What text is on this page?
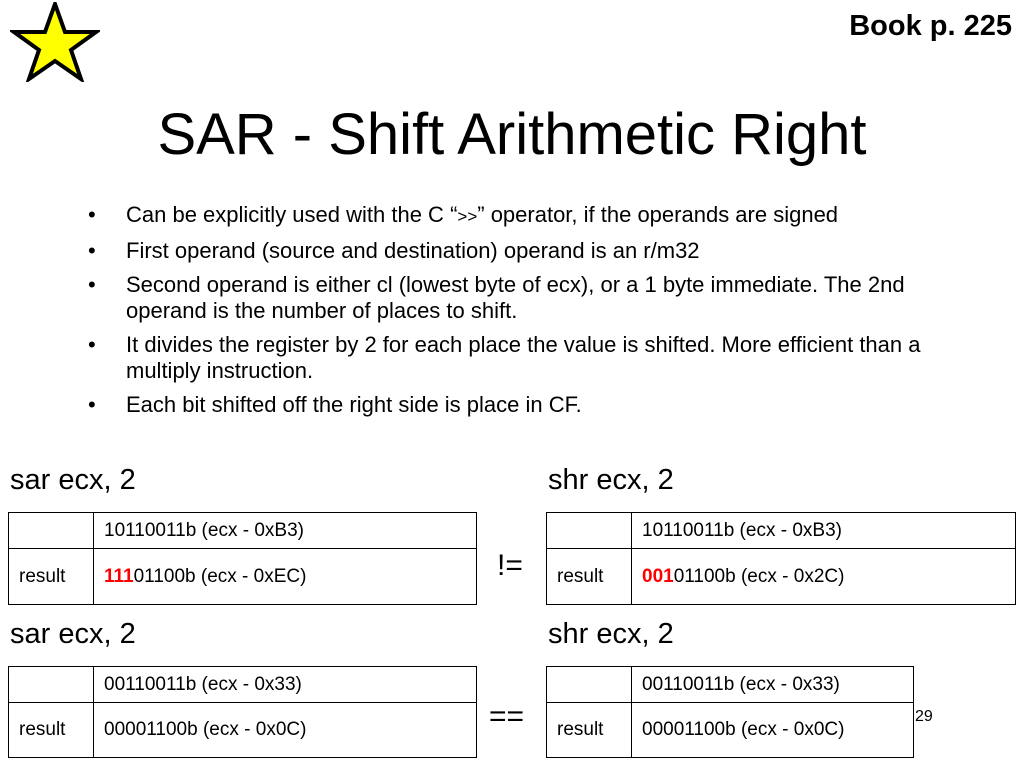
Book p. 225
SAR - Shift Arithmetic Right
• Can be explicitly used with the C “>>” operator, if the operands are signed
• First operand (source and destination) operand is an r/m32
• Second operand is either cl (lowest byte of ecx), or a 1 byte immediate. The 2nd operand is the number of places to shift.
• It divides the register by 2 for each place the value is shifted. More efficient than a multiply instruction.
• Each bit shifted off the right side is place in CF.
sar ecx, 2
	10110011b (ecx - 0xB3)
result	11101100b (ecx - 0xEC)	!=
shr ecx, 2
	10110011b (ecx - 0xB3)
result	00101100b (ecx - 0x2C)
sar ecx, 2
	00110011b (ecx - 0x33)
result	00001100b (ecx - 0x0C)	==
shr ecx, 2
	00110011b (ecx - 0x33)
result	00001100b (ecx - 0x0C)
29
